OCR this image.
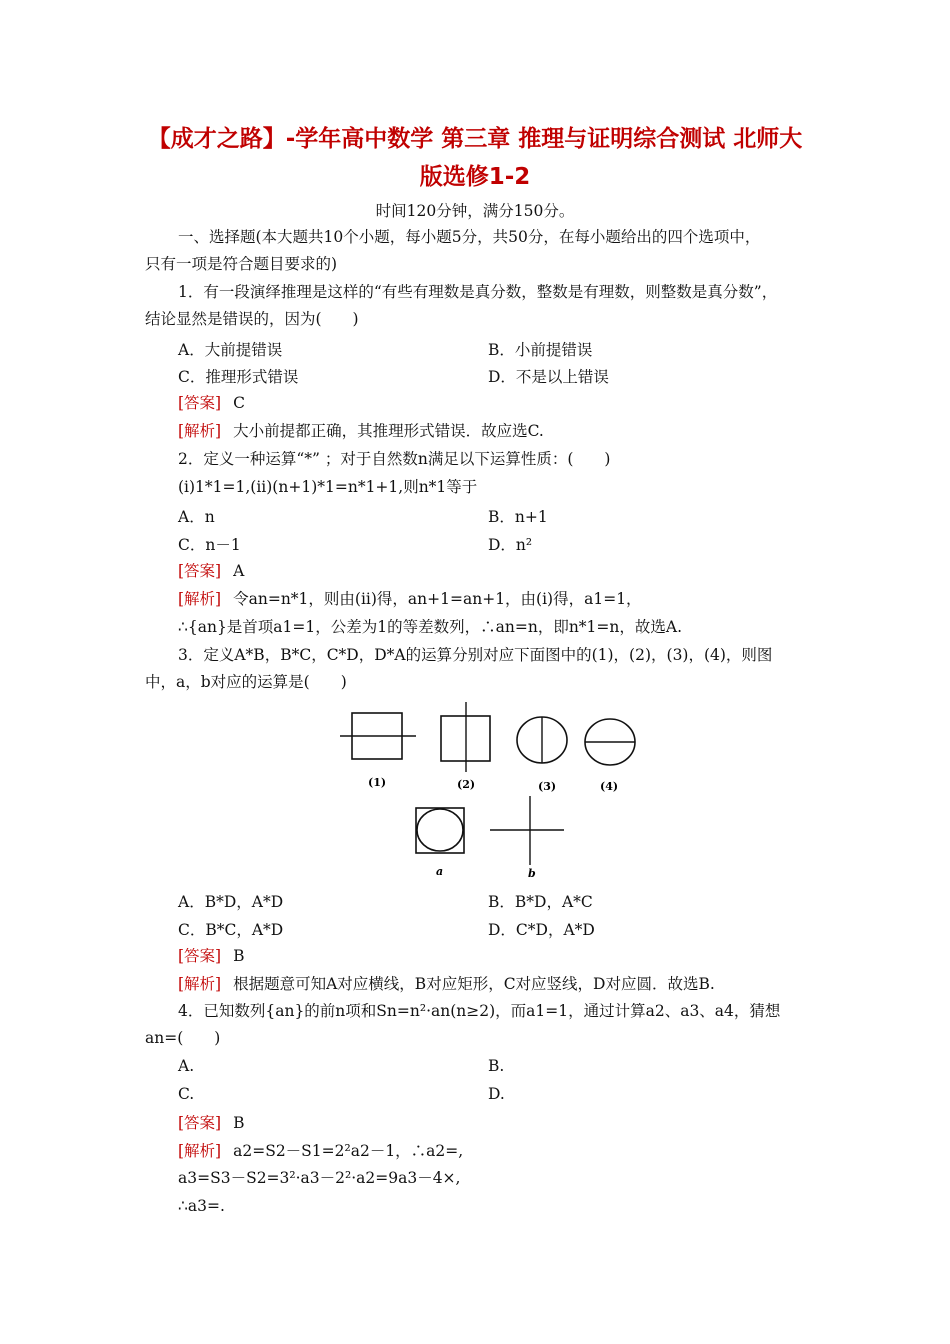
【成才之路】-学年高中数学 第三章 推理与证明综合测试 北师大
版选修1-2
时间120分钟，满分150分。
一、选择题(本大题共10个小题，每小题5分，共50分，在每小题给出的四个选项中，
只有一项是符合题目要求的)
1．有一段演绎推理是这样的“有些有理数是真分数，整数是有理数，则整数是真分数”，
结论显然是错误的，因为(　　)
A．大前提错误	B．小前提错误
C．推理形式错误	D．不是以上错误
[答案] C
[解析] 大小前提都正确，其推理形式错误．故应选C.
2．定义一种运算“*” ；对于自然数n满足以下运算性质：(　　)
(i)1*1=1,(ii)(n+1)*1=n*1+1,则n*1等于
A．n	B．n+1
C．n－1	D．n²
[答案] A
[解析] 令an=n*1，则由(ii)得，an+1=an+1，由(i)得，a1=1，
∴{an}是首项a1=1，公差为1的等差数列，∴an=n，即n*1=n，故选A.
3．定义A*B，B*C，C*D，D*A的运算分别对应下面图中的(1)，(2)，(3)，(4)，则图
中，a，b对应的运算是(　　)
(1)	(2)	(3)	(4)
a	b
A．B*D，A*D	B．B*D，A*C
C．B*C，A*D	D．C*D，A*D
[答案] B
[解析] 根据题意可知A对应横线，B对应矩形，C对应竖线，D对应圆．故选B.
4．已知数列{an}的前n项和Sn=n²·an(n≥2)，而a1=1，通过计算a2、a3、a4，猜想
an=(　　)
A.	B.
C.	D.
[答案] B
[解析] a2=S2－S1=2²a2－1，∴a2=,
a3=S3－S2=3²·a3－2²·a2=9a3－4×,
∴a3=.
